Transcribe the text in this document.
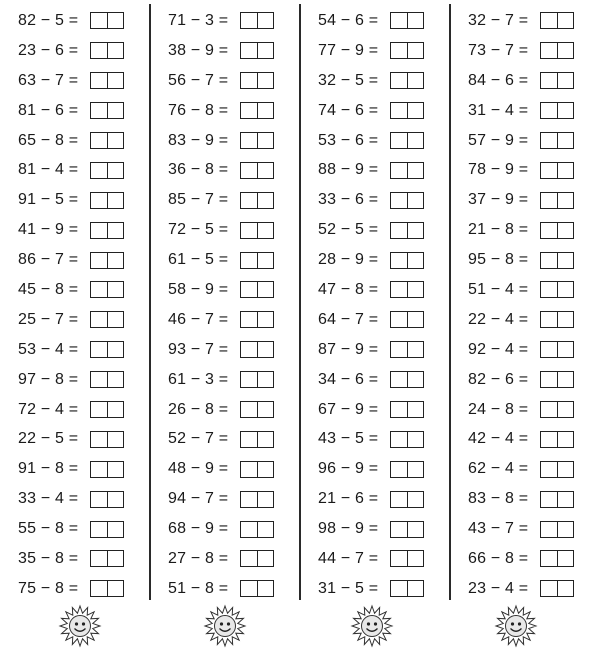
82 − 5 =
23 − 6 =
63 − 7 =
81 − 6 =
65 − 8 =
81 − 4 =
91 − 5 =
41 − 9 =
86 − 7 =
45 − 8 =
25 − 7 =
53 − 4 =
97 − 8 =
72 − 4 =
22 − 5 =
91 − 8 =
33 − 4 =
55 − 8 =
35 − 8 =
75 − 8 =
71 − 3 =
38 − 9 =
56 − 7 =
76 − 8 =
83 − 9 =
36 − 8 =
85 − 7 =
72 − 5 =
61 − 5 =
58 − 9 =
46 − 7 =
93 − 7 =
61 − 3 =
26 − 8 =
52 − 7 =
48 − 9 =
94 − 7 =
68 − 9 =
27 − 8 =
51 − 8 =
54 − 6 =
77 − 9 =
32 − 5 =
74 − 6 =
53 − 6 =
88 − 9 =
33 − 6 =
52 − 5 =
28 − 9 =
47 − 8 =
64 − 7 =
87 − 9 =
34 − 6 =
67 − 9 =
43 − 5 =
96 − 9 =
21 − 6 =
98 − 9 =
44 − 7 =
31 − 5 =
32 − 7 =
73 − 7 =
84 − 6 =
31 − 4 =
57 − 9 =
78 − 9 =
37 − 9 =
21 − 8 =
95 − 8 =
51 − 4 =
22 − 4 =
92 − 4 =
82 − 6 =
24 − 8 =
42 − 4 =
62 − 4 =
83 − 8 =
43 − 7 =
66 − 8 =
23 − 4 =
